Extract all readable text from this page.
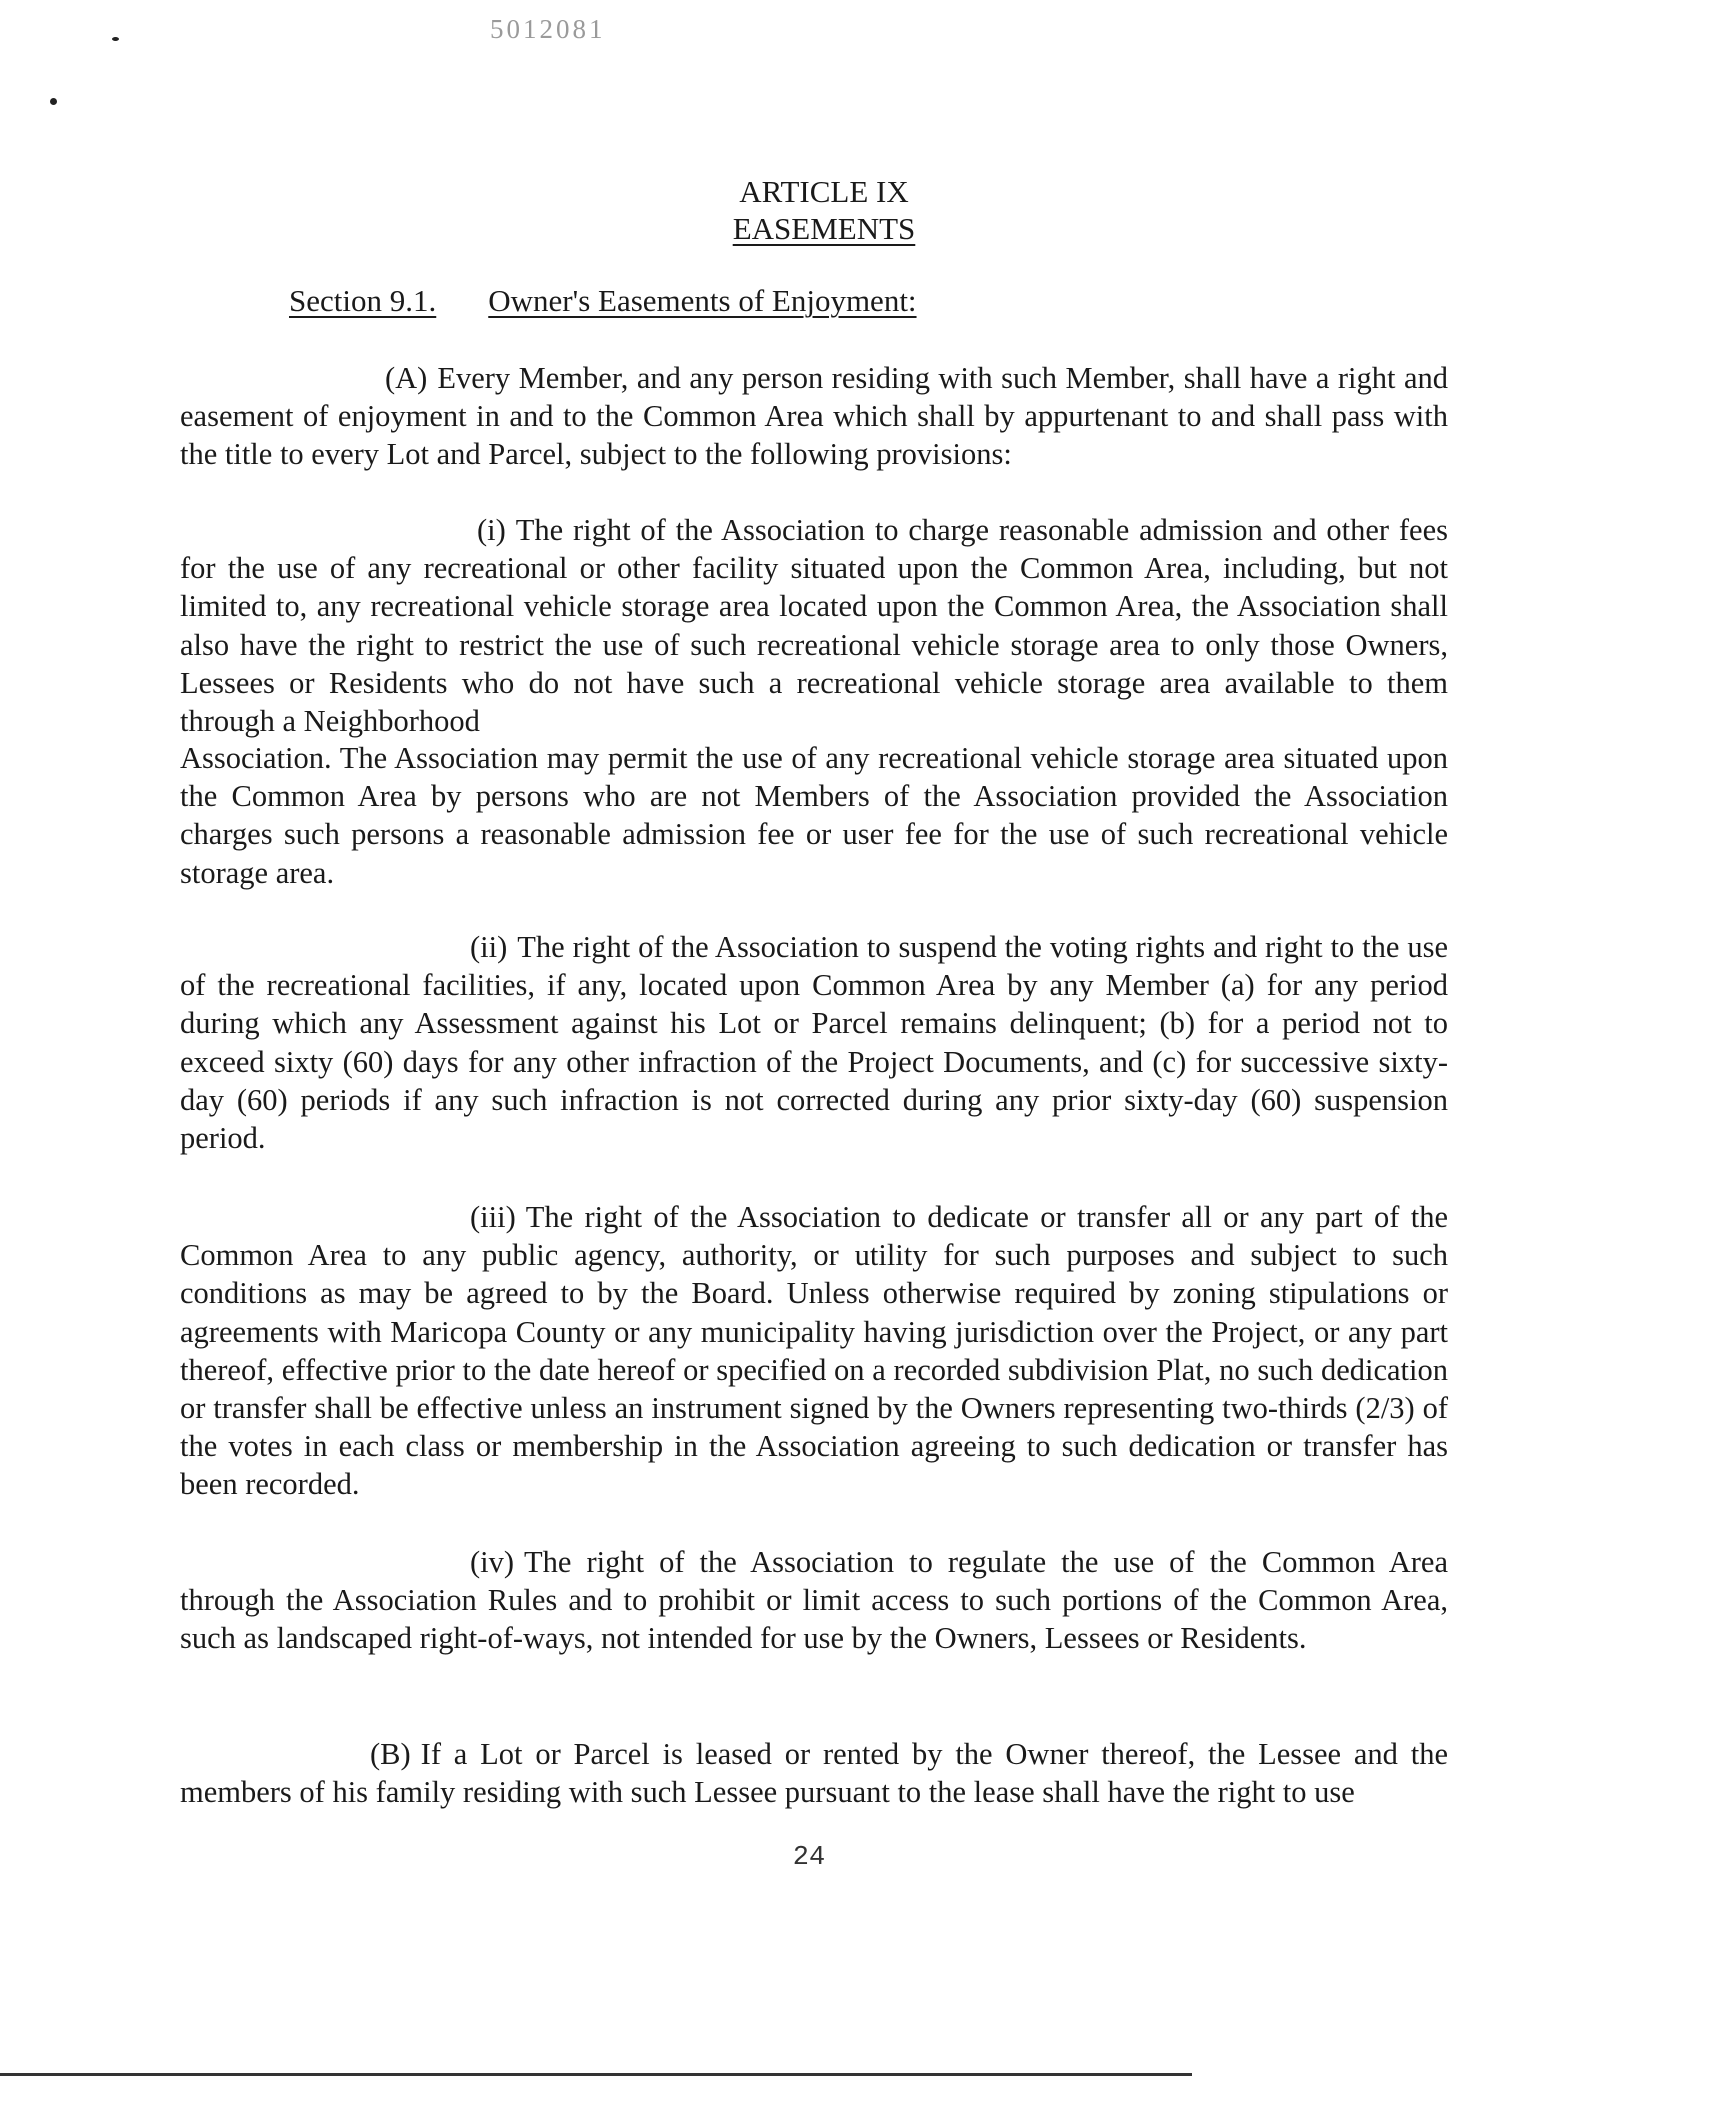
5012081
ARTICLE IX
EASEMENTS
Section 9.1. Owner's Easements of Enjoyment:

(A) Every Member, and any person residing with such Member, shall have a right and easement of enjoyment in and to the Common Area which shall by appurtenant to and shall pass with the title to every Lot and Parcel, subject to the following provisions:

(i) The right of the Association to charge reasonable admission and other fees for the use of any recreational or other facility situated upon the Common Area, including, but not limited to, any recreational vehicle storage area located upon the Common Area, the Association shall also have the right to restrict the use of such recreational vehicle storage area to only those Owners, Lessees or Residents who do not have such a recreational vehicle storage area available to them through a Neighborhood

Association. The Association may permit the use of any recreational vehicle storage area situated upon the Common Area by persons who are not Members of the Association provided the Association charges such persons a reasonable admission fee or user fee for the use of such recreational vehicle storage area.

(ii) The right of the Association to suspend the voting rights and right to the use of the recreational facilities, if any, located upon Common Area by any Member (a) for any period during which any Assessment against his Lot or Parcel remains delinquent; (b) for a period not to exceed sixty (60) days for any other infraction of the Project Documents, and (c) for successive sixty-day (60) periods if any such infraction is not corrected during any prior sixty-day (60) suspension period.

(iii) The right of the Association to dedicate or transfer all or any part of the Common Area to any public agency, authority, or utility for such purposes and subject to such conditions as may be agreed to by the Board. Unless otherwise required by zoning stipulations or agreements with Maricopa County or any municipality having jurisdiction over the Project, or any part thereof, effective prior to the date hereof or specified on a recorded subdivision Plat, no such dedication or transfer shall be effective unless an instrument signed by the Owners representing two-thirds (2/3) of the votes in each class or membership in the Association agreeing to such dedication or transfer has been recorded.

(iv) The right of the Association to regulate the use of the Common Area through the Association Rules and to prohibit or limit access to such portions of the Common Area, such as landscaped right-of-ways, not intended for use by the Owners, Lessees or Residents.

(B) If a Lot or Parcel is leased or rented by the Owner thereof, the Lessee and the members of his family residing with such Lessee pursuant to the lease shall have the right to use

24
